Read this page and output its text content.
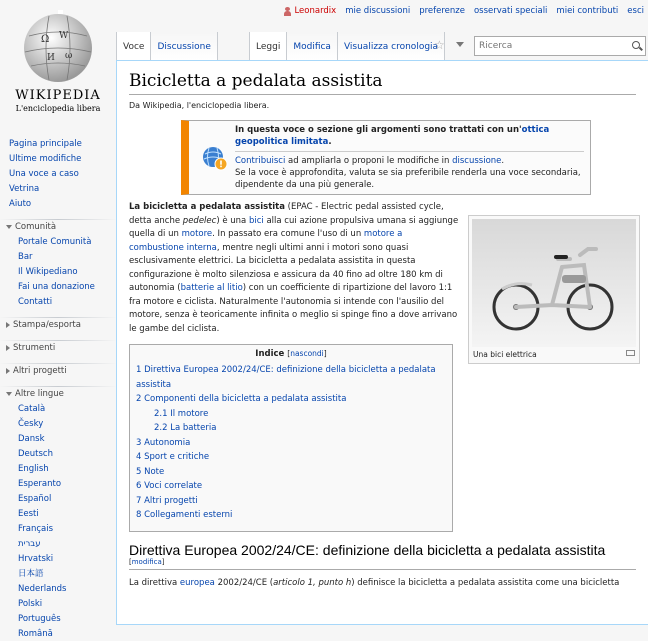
Leonardix mie discussioni preferenze osservati speciali miei contributi esci
Ω W
И ω
WIKIPEDIA
L'enciclopedia libera
Voce	Discussione	Leggi	Modifica	Visualizza cronologia
☆
Ricerca
Pagina principale
Ultime modifiche
Una voce a caso
Vetrina
Aiuto
Comunità
Portale Comunità
Bar
Il Wikipediano
Fai una donazione
Contatti
Stampa/esporta
Strumenti
Altri progetti
Altre lingue
Català
Česky
Dansk
Deutsch
English
Esperanto
Español
Eesti
Français
עברית
Hrvatski
日本語
Nederlands
Polski
Português
Română
Bicicletta a pedalata assistita
Da Wikipedia, l'enciclopedia libera.
In questa voce o sezione gli argomenti sono trattati con un'ottica geopolitica limitata.
Contribuisci ad ampliarla o proponi le modifiche in discussione.
Se la voce è approfondita, valuta se sia preferibile renderla una voce secondaria, dipendente da una più generale.
Una bici elettrica
La bicicletta a pedalata assistita (EPAC - Electric pedal assisted cycle, detta anche pedelec) è una bici alla cui azione propulsiva umana si aggiunge quella di un motore. In passato era comune l'uso di un motore a combustione interna, mentre negli ultimi anni i motori sono quasi esclusivamente elettrici. La bicicletta a pedalata assistita in questa configurazione è molto silenziosa e assicura da 40 fino ad oltre 180 km di autonomia (batterie al litio) con un coefficiente di ripartizione del lavoro 1:1 fra motore e ciclista. Naturalmente l'autonomia si intende con l'ausilio del motore, senza è teoricamente infinita o meglio si spinge fino a dove arrivano le gambe del ciclista.
Indice [nascondi]
1 Direttiva Europea 2002/24/CE: definizione della bicicletta a pedalata assistita
2 Componenti della bicicletta a pedalata assistita
2.1 Il motore
2.2 La batteria
3 Autonomia
4 Sport e critiche
5 Note
6 Voci correlate
7 Altri progetti
8 Collegamenti esterni
Direttiva Europea 2002/24/CE: definizione della bicicletta a pedalata assistita
[modifica]
La direttiva europea 2002/24/CE (articolo 1, punto h) definisce la bicicletta a pedalata assistita come una bicicletta
